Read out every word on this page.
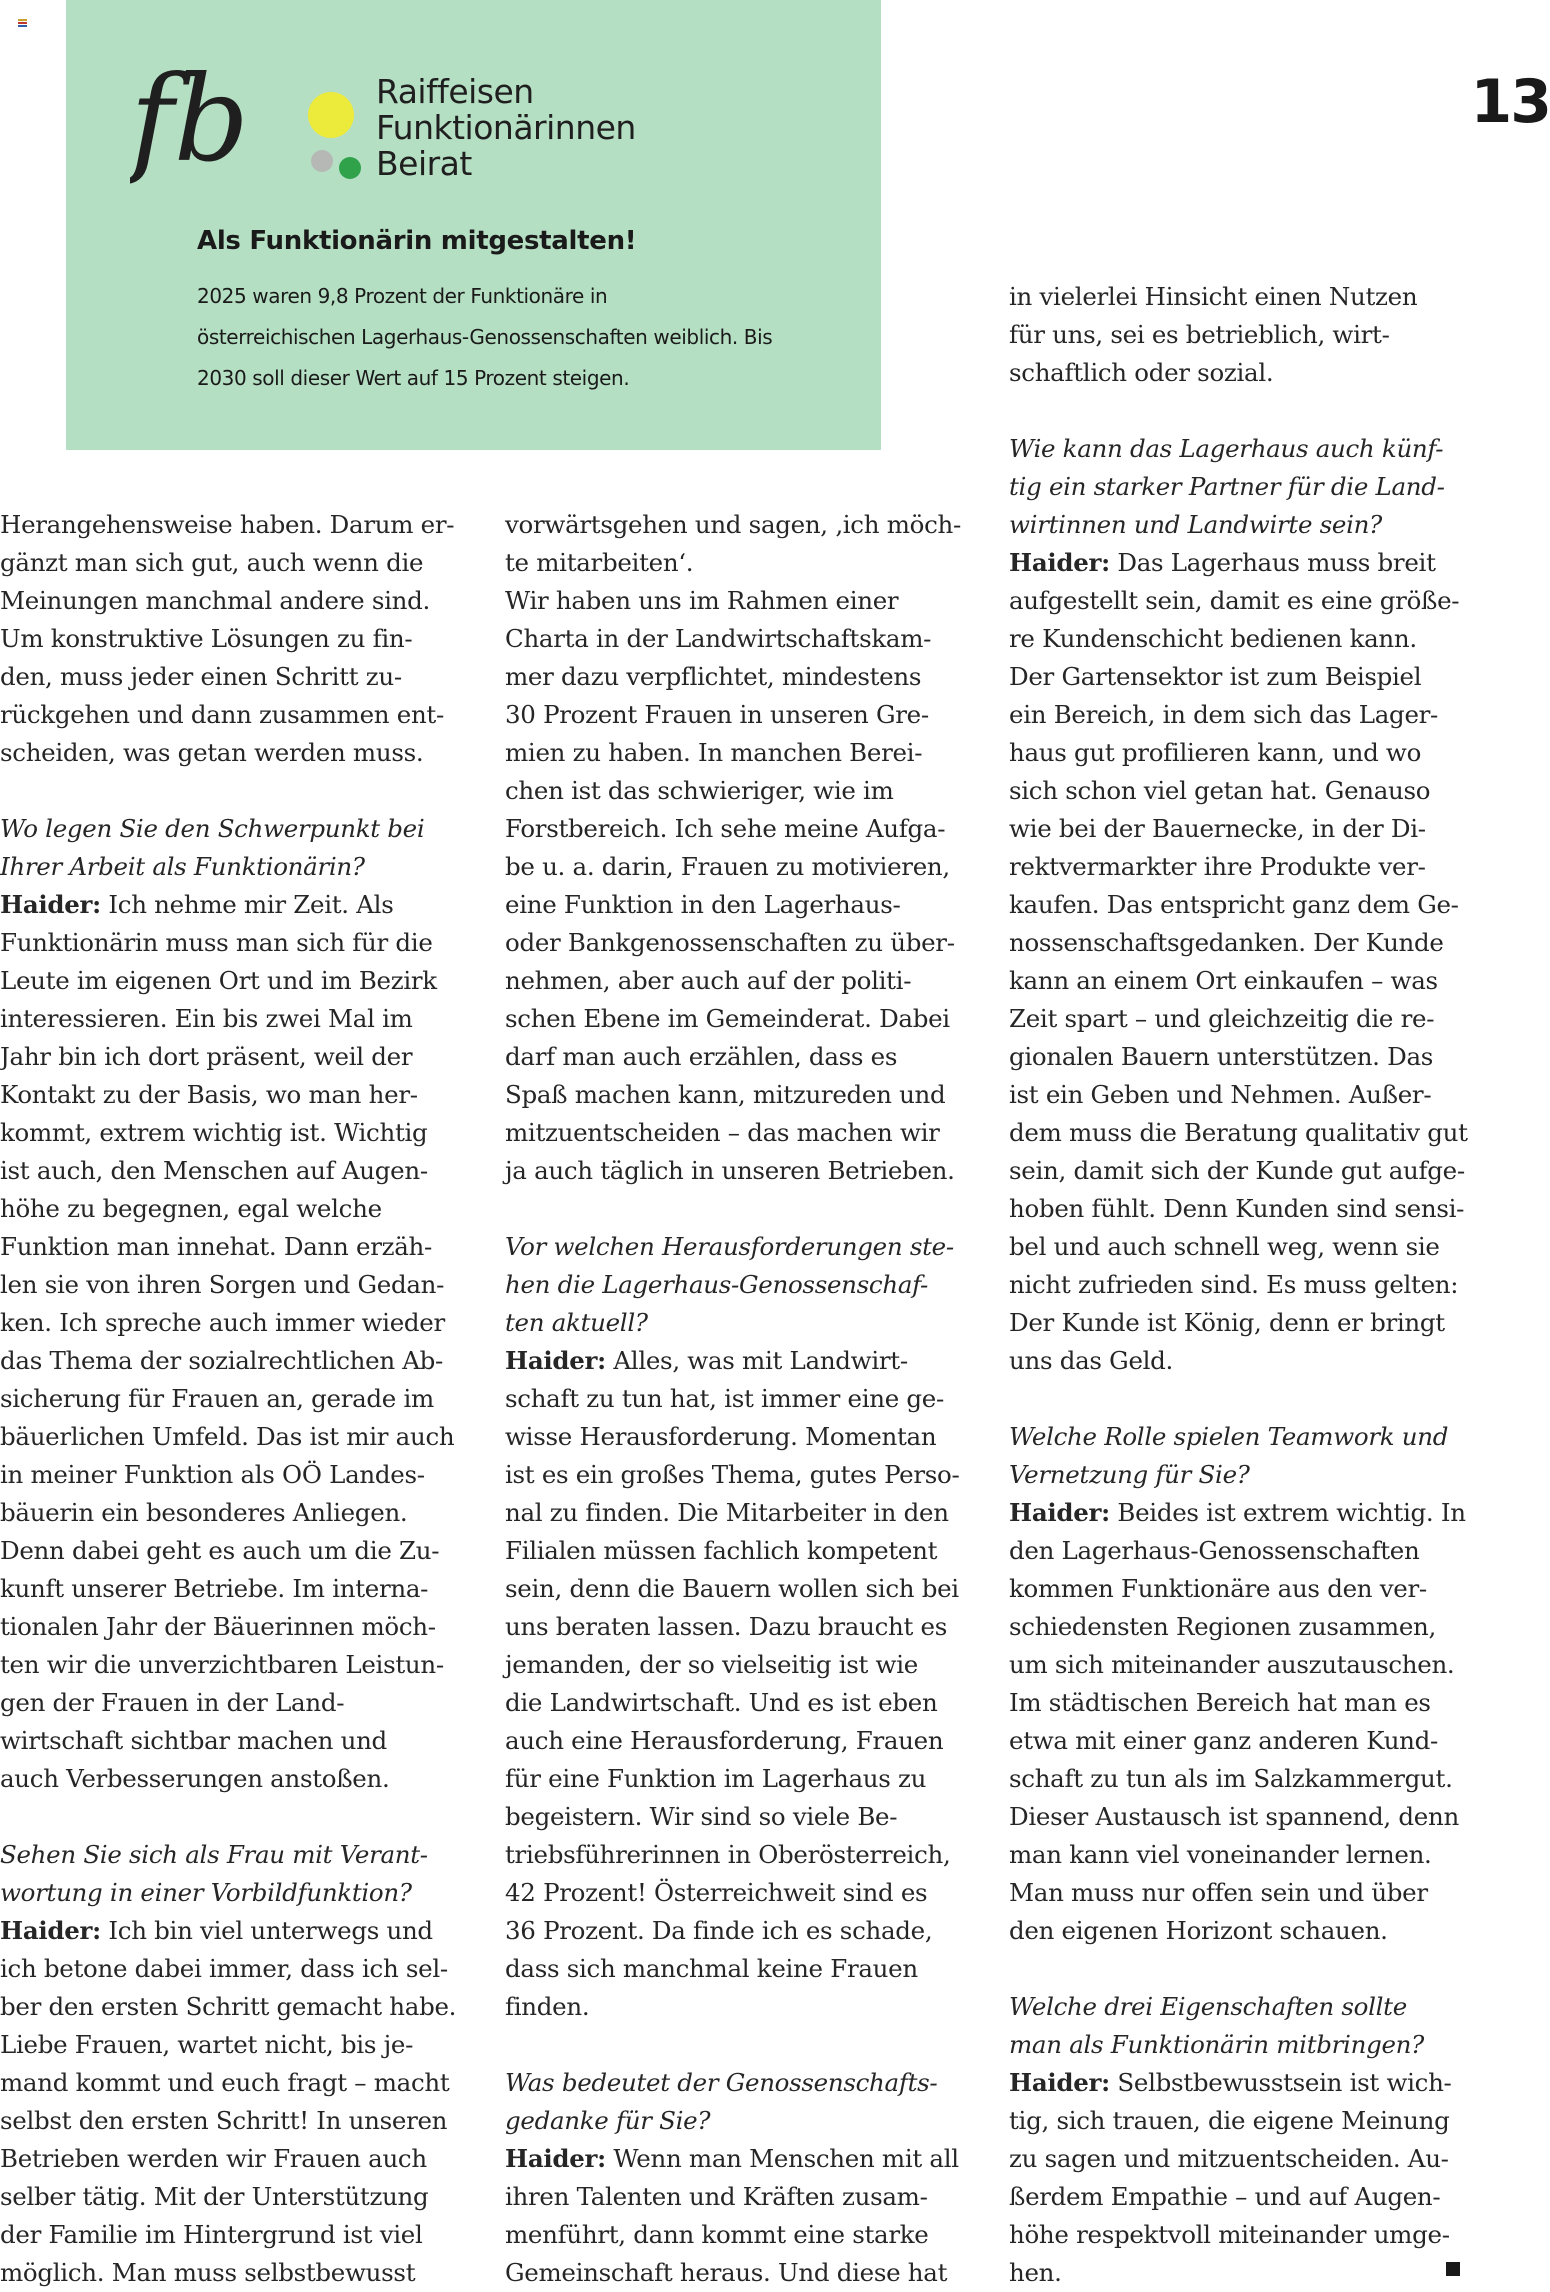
fb	Raiffeisen
Funktionärinnen
Beirat
Als Funktionärin mitgestalten!
2025 waren 9,8 Prozent der Funktionäre in
österreichischen Lagerhaus-Genossenschaften weiblich. Bis
2030 soll dieser Wert auf 15 Prozent steigen.
13
Herangehensweise haben. Darum er-
gänzt man sich gut, auch wenn die
Meinungen manchmal andere sind.
Um konstruktive Lösungen zu fin-
den, muss jeder einen Schritt zu-
rückgehen und dann zusammen ent-
scheiden, was getan werden muss.
Wo legen Sie den Schwerpunkt bei
Ihrer Arbeit als Funktionärin?
Haider: Ich nehme mir Zeit. Als
Funktionärin muss man sich für die
Leute im eigenen Ort und im Bezirk
interessieren. Ein bis zwei Mal im
Jahr bin ich dort präsent, weil der
Kontakt zu der Basis, wo man her-
kommt, extrem wichtig ist. Wichtig
ist auch, den Menschen auf Augen-
höhe zu begegnen, egal welche
Funktion man innehat. Dann erzäh-
len sie von ihren Sorgen und Gedan-
ken. Ich spreche auch immer wieder
das Thema der sozialrechtlichen Ab-
sicherung für Frauen an, gerade im
bäuerlichen Umfeld. Das ist mir auch
in meiner Funktion als OÖ Landes-
bäuerin ein besonderes Anliegen.
Denn dabei geht es auch um die Zu-
kunft unserer Betriebe. Im interna-
tionalen Jahr der Bäuerinnen möch-
ten wir die unverzichtbaren Leistun-
gen der Frauen in der Land-
wirtschaft sichtbar machen und
auch Verbesserungen anstoßen.
Sehen Sie sich als Frau mit Verant-
wortung in einer Vorbildfunktion?
Haider: Ich bin viel unterwegs und
ich betone dabei immer, dass ich sel-
ber den ersten Schritt gemacht habe.
Liebe Frauen, wartet nicht, bis je-
mand kommt und euch fragt – macht
selbst den ersten Schritt! In unseren
Betrieben werden wir Frauen auch
selber tätig. Mit der Unterstützung
der Familie im Hintergrund ist viel
möglich. Man muss selbstbewusst
vorwärtsgehen und sagen, ‚ich möch-
te mitarbeiten‘.
Wir haben uns im Rahmen einer
Charta in der Landwirtschaftskam-
mer dazu verpflichtet, mindestens
30 Prozent Frauen in unseren Gre-
mien zu haben. In manchen Berei-
chen ist das schwieriger, wie im
Forstbereich. Ich sehe meine Aufga-
be u. a. darin, Frauen zu motivieren,
eine Funktion in den Lagerhaus-
oder Bankgenossenschaften zu über-
nehmen, aber auch auf der politi-
schen Ebene im Gemeinderat. Dabei
darf man auch erzählen, dass es
Spaß machen kann, mitzureden und
mitzuentscheiden – das machen wir
ja auch täglich in unseren Betrieben.
Vor welchen Herausforderungen ste-
hen die Lagerhaus-Genossenschaf-
ten aktuell?
Haider: Alles, was mit Landwirt-
schaft zu tun hat, ist immer eine ge-
wisse Herausforderung. Momentan
ist es ein großes Thema, gutes Perso-
nal zu finden. Die Mitarbeiter in den
Filialen müssen fachlich kompetent
sein, denn die Bauern wollen sich bei
uns beraten lassen. Dazu braucht es
jemanden, der so vielseitig ist wie
die Landwirtschaft. Und es ist eben
auch eine Herausforderung, Frauen
für eine Funktion im Lagerhaus zu
begeistern. Wir sind so viele Be-
triebsführerinnen in Oberösterreich,
42 Prozent! Österreichweit sind es
36 Prozent. Da finde ich es schade,
dass sich manchmal keine Frauen
finden.
Was bedeutet der Genossenschafts-
gedanke für Sie?
Haider: Wenn man Menschen mit all
ihren Talenten und Kräften zusam-
menführt, dann kommt eine starke
Gemeinschaft heraus. Und diese hat
in vielerlei Hinsicht einen Nutzen
für uns, sei es betrieblich, wirt-
schaftlich oder sozial.
Wie kann das Lagerhaus auch künf-
tig ein starker Partner für die Land-
wirtinnen und Landwirte sein?
Haider: Das Lagerhaus muss breit
aufgestellt sein, damit es eine größe-
re Kundenschicht bedienen kann.
Der Gartensektor ist zum Beispiel
ein Bereich, in dem sich das Lager-
haus gut profilieren kann, und wo
sich schon viel getan hat. Genauso
wie bei der Bauernecke, in der Di-
rektvermarkter ihre Produkte ver-
kaufen. Das entspricht ganz dem Ge-
nossenschaftsgedanken. Der Kunde
kann an einem Ort einkaufen – was
Zeit spart – und gleichzeitig die re-
gionalen Bauern unterstützen. Das
ist ein Geben und Nehmen. Außer-
dem muss die Beratung qualitativ gut
sein, damit sich der Kunde gut aufge-
hoben fühlt. Denn Kunden sind sensi-
bel und auch schnell weg, wenn sie
nicht zufrieden sind. Es muss gelten:
Der Kunde ist König, denn er bringt
uns das Geld.
Welche Rolle spielen Teamwork und
Vernetzung für Sie?
Haider: Beides ist extrem wichtig. In
den Lagerhaus-Genossenschaften
kommen Funktionäre aus den ver-
schiedensten Regionen zusammen,
um sich miteinander auszutauschen.
Im städtischen Bereich hat man es
etwa mit einer ganz anderen Kund-
schaft zu tun als im Salzkammergut.
Dieser Austausch ist spannend, denn
man kann viel voneinander lernen.
Man muss nur offen sein und über
den eigenen Horizont schauen.
Welche drei Eigenschaften sollte
man als Funktionärin mitbringen?
Haider: Selbstbewusstsein ist wich-
tig, sich trauen, die eigene Meinung
zu sagen und mitzuentscheiden. Au-
ßerdem Empathie – und auf Augen-
höhe respektvoll miteinander umge-
hen.
